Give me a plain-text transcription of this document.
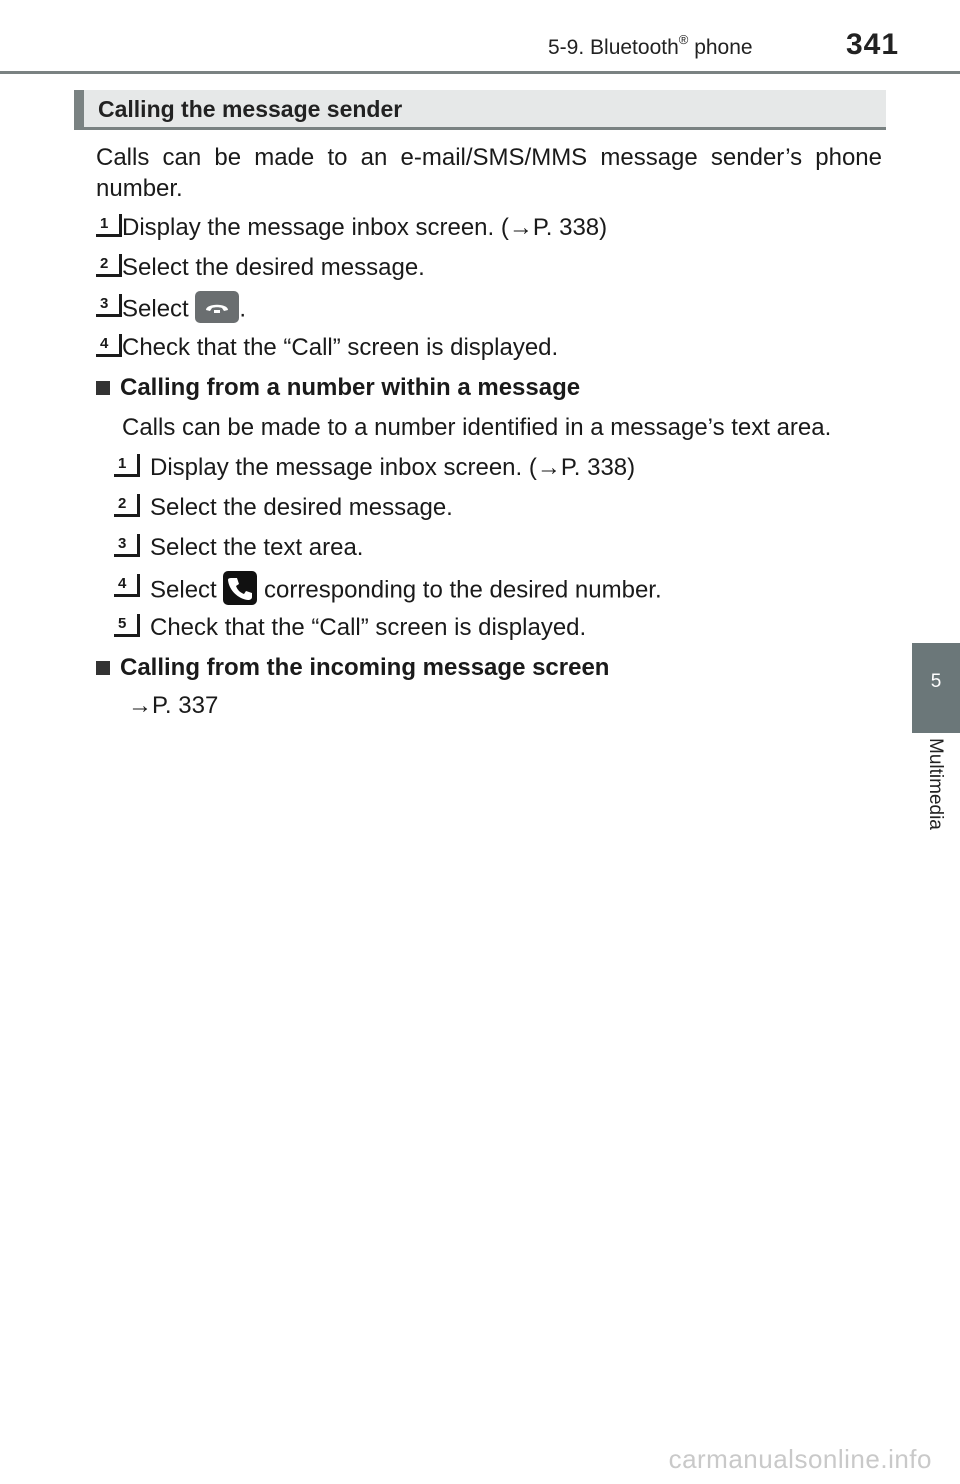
5-9. Bluetooth® phone	341
5
Multimedia
Calling the message sender
Calls can be made to an e-mail/SMS/MMS message sender’s phone number.
1 Display the message inbox screen. (→P. 338)
2 Select the desired message.
3 Select
.
4 Check that the “Call” screen is displayed.
Calling from a number within a message
Calls can be made to a number identified in a message’s text area.
1 Display the message inbox screen. (→P. 338)
2 Select the desired message.
3 Select the text area.
4 Select
corresponding to the desired number.
5 Check that the “Call” screen is displayed.
Calling from the incoming message screen
→P. 337
carmanualsonline.info
